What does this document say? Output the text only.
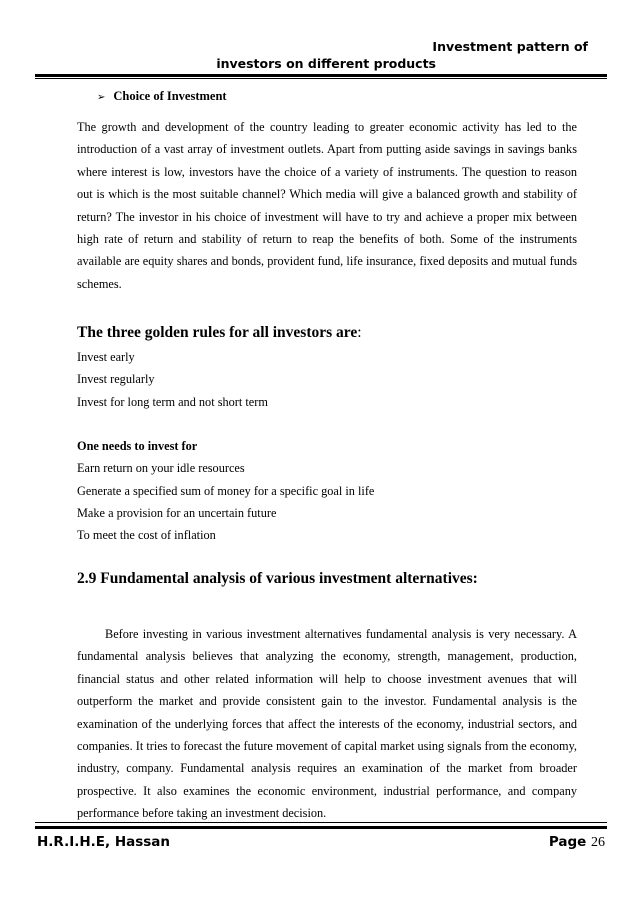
Investment pattern of
investors on different products
➢ Choice of Investment

The growth and development of the country leading to greater economic activity has led to the introduction of a vast array of investment outlets. Apart from putting aside savings in savings banks where interest is low, investors have the choice of a variety of instruments. The question to reason out is which is the most suitable channel? Which media will give a balanced growth and stability of return? The investor in his choice of investment will have to try and achieve a proper mix between high rate of return and stability of return to reap the benefits of both. Some of the instruments available are equity shares and bonds, provident fund, life insurance, fixed deposits and mutual funds schemes.

The three golden rules for all investors are:
Invest early
Invest regularly
Invest for long term and not short term
One needs to invest for
Earn return on your idle resources
Generate a specified sum of money for a specific goal in life
Make a provision for an uncertain future
To meet the cost of inflation
2.9 Fundamental analysis of various investment alternatives:

Before investing in various investment alternatives fundamental analysis is very necessary. A fundamental analysis believes that analyzing the economy, strength, management, production, financial status and other related information will help to choose investment avenues that will outperform the market and provide consistent gain to the investor. Fundamental analysis is the examination of the underlying forces that affect the interests of the economy, industrial sectors, and companies. It tries to forecast the future movement of capital market using signals from the economy, industry, company. Fundamental analysis requires an examination of the market from broader prospective. It also examines the economic environment, industrial performance, and company performance before taking an investment decision.

H.R.I.H.E, Hassan	Page 26
